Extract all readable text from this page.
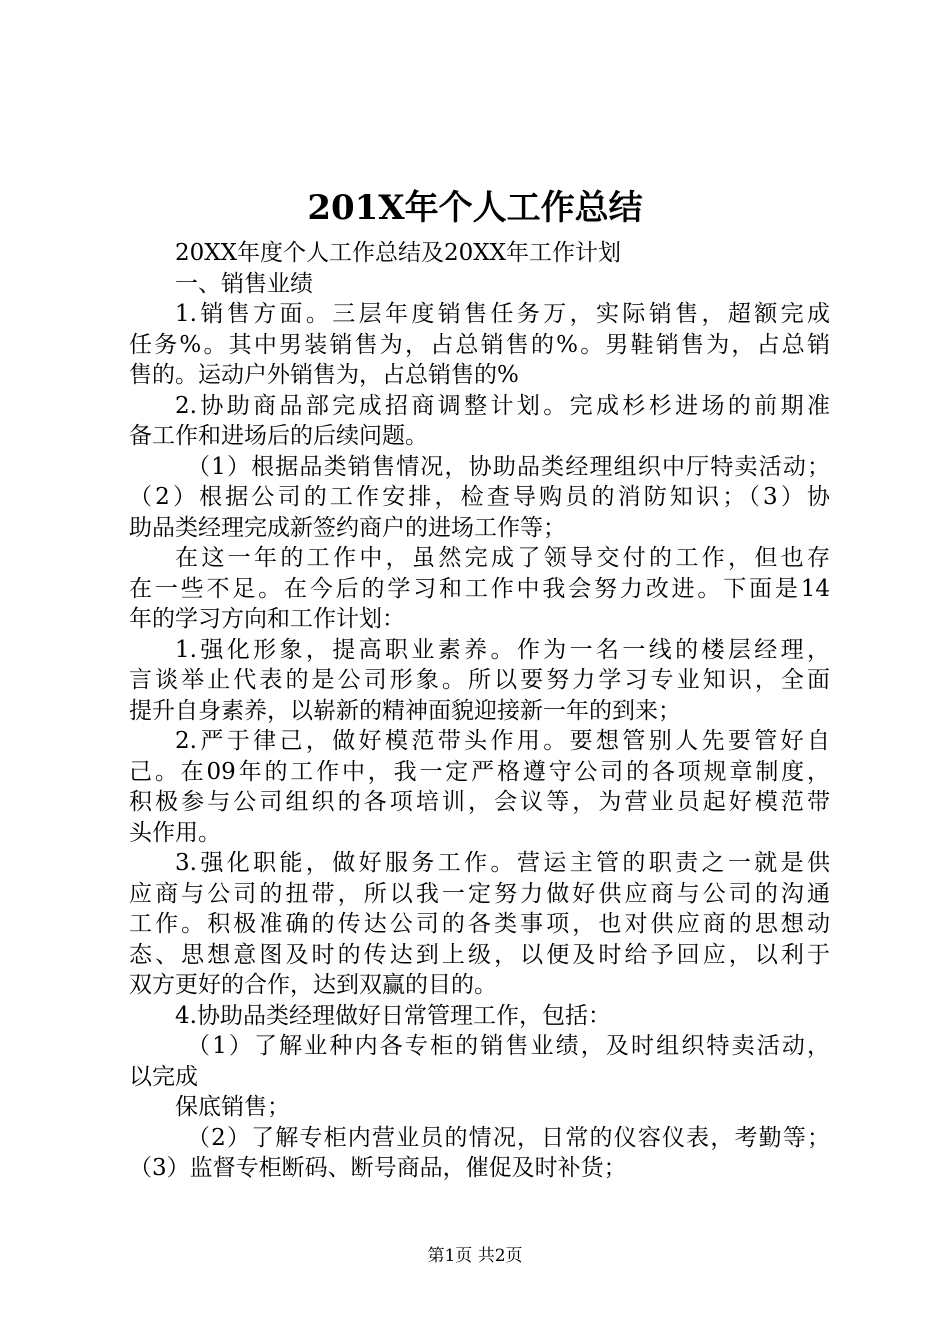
201X年个人工作总结
20XX年度个人工作总结及20XX年工作计划
一、销售业绩
1.销售方面。三层年度销售任务万，实际销售，超额完成
任务%。其中男装销售为，占总销售的%。男鞋销售为，占总销
售的。运动户外销售为，占总销售的%
2.协助商品部完成招商调整计划。完成杉杉进场的前期准
备工作和进场后的后续问题。
（1）根据品类销售情况，协助品类经理组织中厅特卖活动；
（2）根据公司的工作安排，检查导购员的消防知识；（3）协
助品类经理完成新签约商户的进场工作等；
在这一年的工作中，虽然完成了领导交付的工作，但也存
在一些不足。在今后的学习和工作中我会努力改进。下面是14
年的学习方向和工作计划：
1.强化形象，提高职业素养。作为一名一线的楼层经理，
言谈举止代表的是公司形象。所以要努力学习专业知识，全面
提升自身素养，以崭新的精神面貌迎接新一年的到来；
2.严于律己，做好模范带头作用。要想管别人先要管好自
己。在09年的工作中，我一定严格遵守公司的各项规章制度，
积极参与公司组织的各项培训，会议等，为营业员起好模范带
头作用。
3.强化职能，做好服务工作。营运主管的职责之一就是供
应商与公司的扭带，所以我一定努力做好供应商与公司的沟通
工作。积极准确的传达公司的各类事项，也对供应商的思想动
态、思想意图及时的传达到上级，以便及时给予回应，以利于
双方更好的合作，达到双赢的目的。
4.协助品类经理做好日常管理工作，包括：
（1）了解业种内各专柜的销售业绩，及时组织特卖活动，
以完成
保底销售；
（2）了解专柜内营业员的情况，日常的仪容仪表，考勤等；
（3）监督专柜断码、断号商品，催促及时补货；
第1页 共2页
